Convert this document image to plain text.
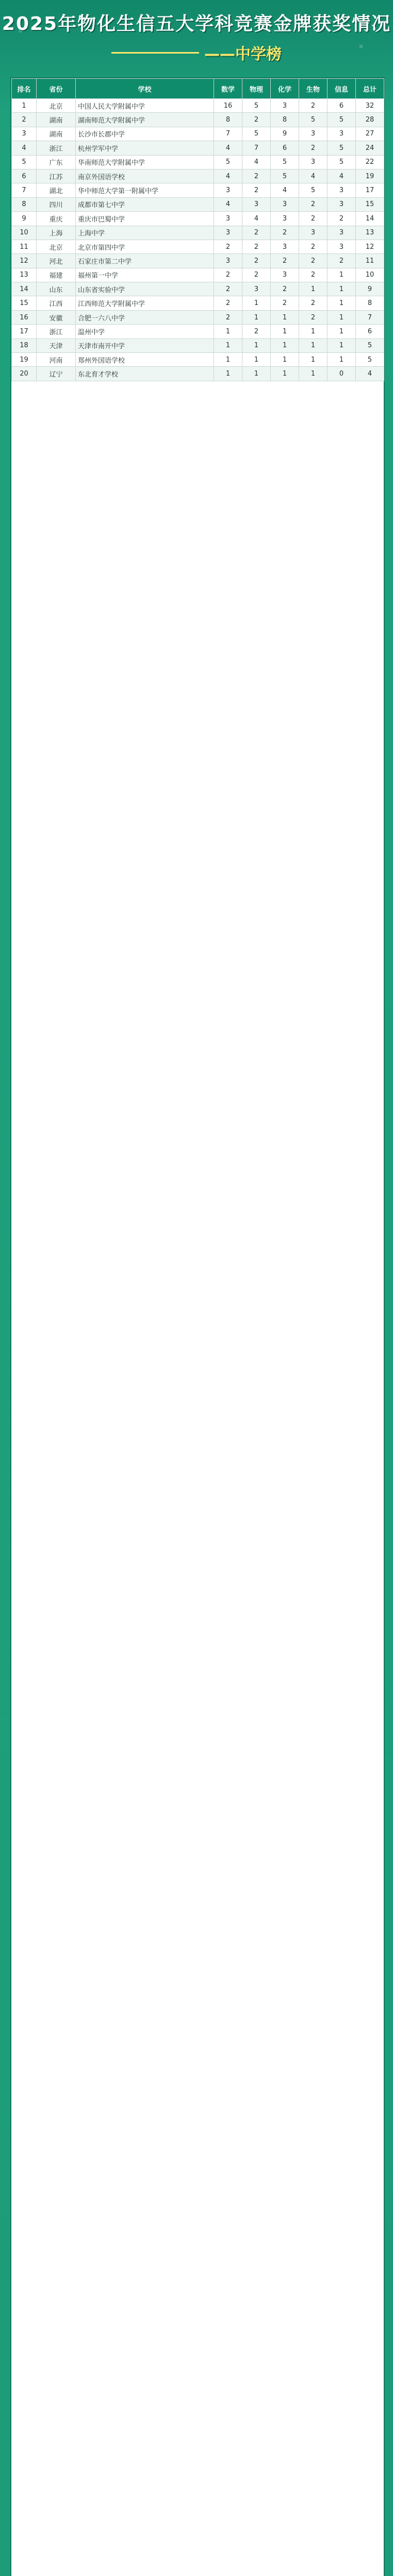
2025年物化生信五大学科竞赛金牌获奖情况
——中学榜
排名	省份	学校	数学	物理	化学	生物	信息	总计
1	北京	中国人民大学附属中学	16	5	3	2	6	32
2	湖南	湖南师范大学附属中学	8	2	8	5	5	28
3	湖南	长沙市长郡中学	7	5	9	3	3	27
4	浙江	杭州学军中学	4	7	6	2	5	24
5	广东	华南师范大学附属中学	5	4	5	3	5	22
6	江苏	南京外国语学校	4	2	5	4	4	19
7	湖北	华中师范大学第一附属中学	3	2	4	5	3	17
8	四川	成都市第七中学	4	3	3	2	3	15
9	重庆	重庆市巴蜀中学	3	4	3	2	2	14
10	上海	上海中学	3	2	2	3	3	13
11	北京	北京市第四中学	2	2	3	2	3	12
12	河北	石家庄市第二中学	3	2	2	2	2	11
13	福建	福州第一中学	2	2	3	2	1	10
14	山东	山东省实验中学	2	3	2	1	1	9
15	江西	江西师范大学附属中学	2	1	2	2	1	8
16	安徽	合肥一六八中学	2	1	1	2	1	7
17	浙江	温州中学	1	2	1	1	1	6
18	天津	天津市南开中学	1	1	1	1	1	5
19	河南	郑州外国语学校	1	1	1	1	1	5
20	辽宁	东北育才学校	1	1	1	1	0	4
